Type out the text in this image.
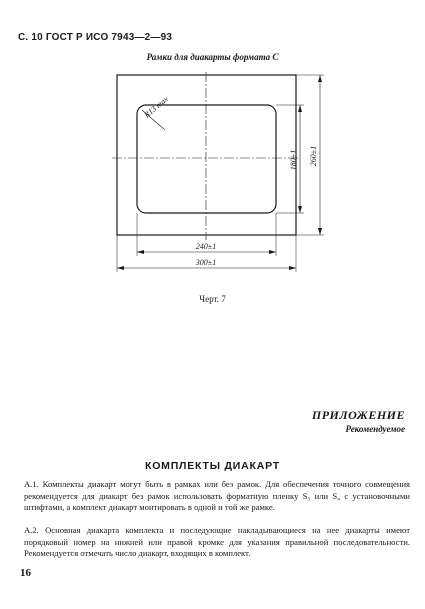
С. 10 ГОСТ Р ИСО 7943—2—93
Рамки для диакарты формата С
R13 max
180±1 260±1
240±1
300±1
Черт. 7
ПРИЛОЖЕНИЕ
Рекомендуемое
КОМПЛЕКТЫ ДИАКАРТ

А.1. Комплекты диакарт могут быть в рамках или без рамок. Для обеспечения точного совмещения рекомендуется для диакарт без рамок использовать форматную пленку S₃ или S₄ с установочными штифтами, а комплект диакарт монтировать в одной и той же рамке.

А.2. Основная диакарта комплекта и последующие накладывающиеся на нее диакарты имеют порядковый номер на нижней или правой кромке для указания правильной последовательности. Рекомендуется отмечать число диакарт, входящих в комплект.

16
